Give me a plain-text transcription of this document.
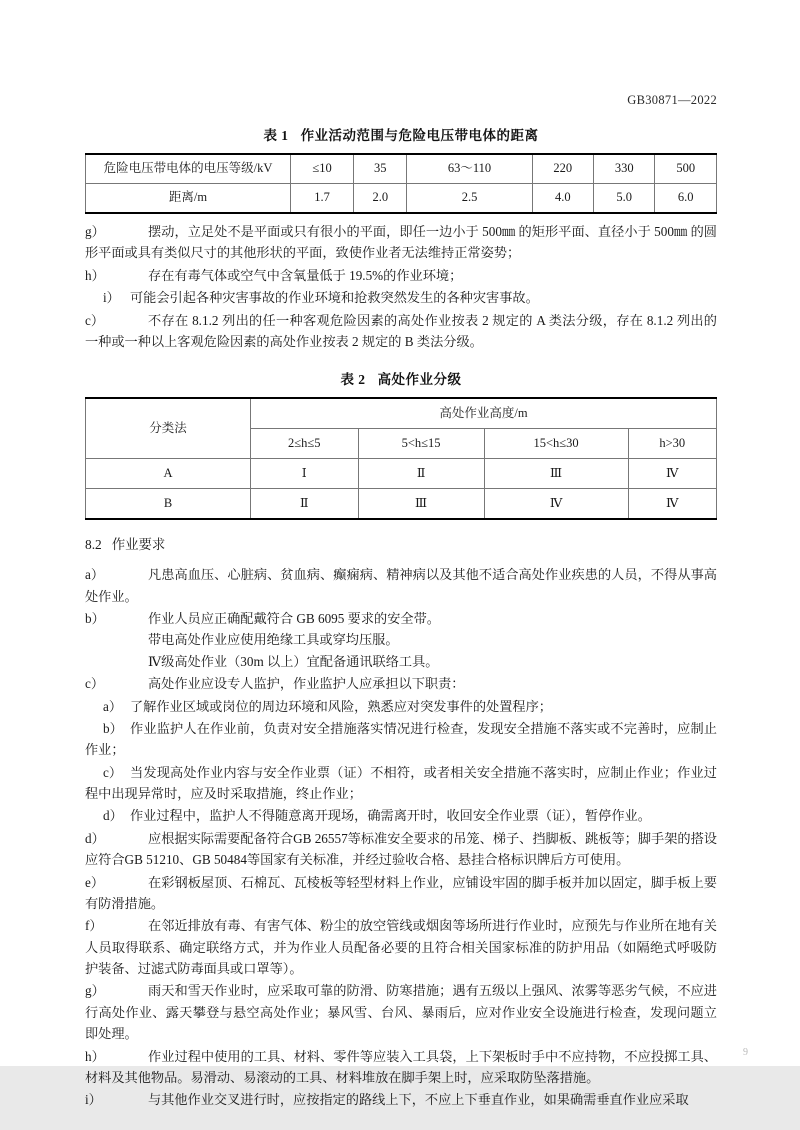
GB30871—2022
表 1 作业活动范围与危险电压带电体的距离
危险电压带电体的电压等级/kV	≤10	35	63～110	220	330	500
距离/m	1.7	2.0	2.5	4.0	5.0	6.0
g）	摆动，立足处不是平面或只有很小的平面，即任一边小于 500㎜ 的矩形平面、直径小于 500㎜ 的圆形平面或具有类似尺寸的其他形状的平面，致使作业者无法维持正常姿势；
h）	存在有毒气体或空气中含氧量低于 19.5%的作业环境；
i） 可能会引起各种灾害事故的作业环境和抢救突然发生的各种灾害事故。
c）	不存在 8.1.2 列出的任一种客观危险因素的高处作业按表 2 规定的 A 类法分级，存在 8.1.2 列出的一种或一种以上客观危险因素的高处作业按表 2 规定的 B 类法分级。
表 2 高处作业分级
分类法	高处作业高度/m			
	2≤h≤5	5<h≤15	15<h≤30	h>30
A	Ⅰ	Ⅱ	Ⅲ	Ⅳ
B	Ⅱ	Ⅲ	Ⅳ	Ⅳ
8.2 作业要求
a）	凡患高血压、心脏病、贫血病、癫痫病、精神病以及其他不适合高处作业疾患的人员，不得从事高处作业。
b）	作业人员应正确配戴符合 GB 6095 要求的安全带。
带电高处作业应使用绝缘工具或穿均压服。
Ⅳ级高处作业（30m 以上）宜配备通讯联络工具。
c）	高处作业应设专人监护，作业监护人应承担以下职责：
a） 了解作业区域或岗位的周边环境和风险，熟悉应对突发事件的处置程序；
b） 作业监护人在作业前，负责对安全措施落实情况进行检查，发现安全措施不落实或不完善时，应制止作业；
c） 当发现高处作业内容与安全作业票（证）不相符，或者相关安全措施不落实时，应制止作业；作业过程中出现异常时，应及时采取措施，终止作业；
d） 作业过程中，监护人不得随意离开现场，确需离开时，收回安全作业票（证），暂停作业。
d）	应根据实际需要配备符合GB 26557等标准安全要求的吊笼、梯子、挡脚板、跳板等；脚手架的搭设应符合GB 51210、GB 50484等国家有关标准，并经过验收合格、悬挂合格标识牌后方可使用。
e）	在彩钢板屋顶、石棉瓦、瓦棱板等轻型材料上作业，应铺设牢固的脚手板并加以固定，脚手板上要有防滑措施。
f）	在邻近排放有毒、有害气体、粉尘的放空管线或烟囱等场所进行作业时，应预先与作业所在地有关人员取得联系、确定联络方式，并为作业人员配备必要的且符合相关国家标准的防护用品（如隔绝式呼吸防护装备、过滤式防毒面具或口罩等）。
g）	雨天和雪天作业时，应采取可靠的防滑、防寒措施；遇有五级以上强风、浓雾等恶劣气候，不应进行高处作业、露天攀登与悬空高处作业；暴风雪、台风、暴雨后，应对作业安全设施进行检查，发现问题立即处理。
h）	作业过程中使用的工具、材料、零件等应装入工具袋，上下架板时手中不应持物，不应投掷工具、材料及其他物品。易滑动、易滚动的工具、材料堆放在脚手架上时，应采取防坠落措施。
i）	与其他作业交叉进行时，应按指定的路线上下，不应上下垂直作业，如果确需垂直作业应采取
9
